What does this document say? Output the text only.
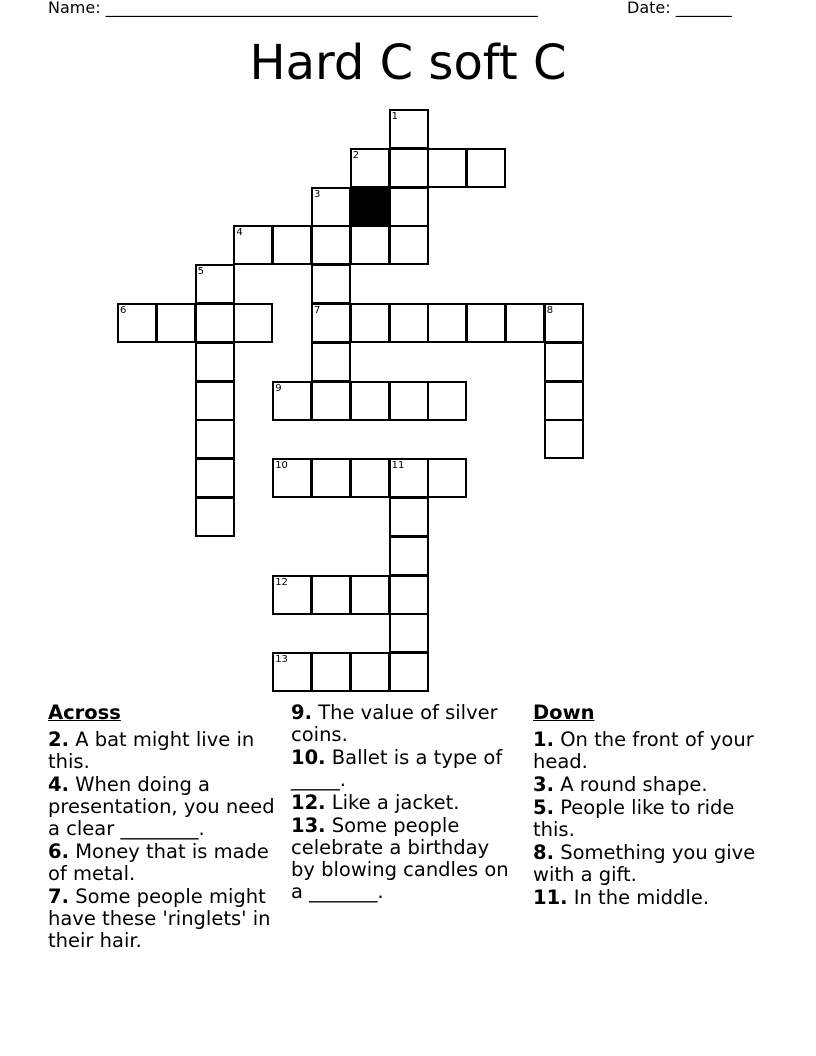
Name: ______________________________________________________	Date: _______
Hard C soft C
1
2
3
4
5
6	7	8
9
10	11
12
13
Across
2. A bat might live in this.
4. When doing a presentation, you need a clear ________.
6. Money that is made of metal.
7. Some people might have these 'ringlets' in their hair.
9. The value of silver coins.
10. Ballet is a type of _____.
12. Like a jacket.
13. Some people celebrate a birthday by blowing candles on a _______.
Down
1. On the front of your head.
3. A round shape.
5. People like to ride this.
8. Something you give with a gift.
11. In the middle.
